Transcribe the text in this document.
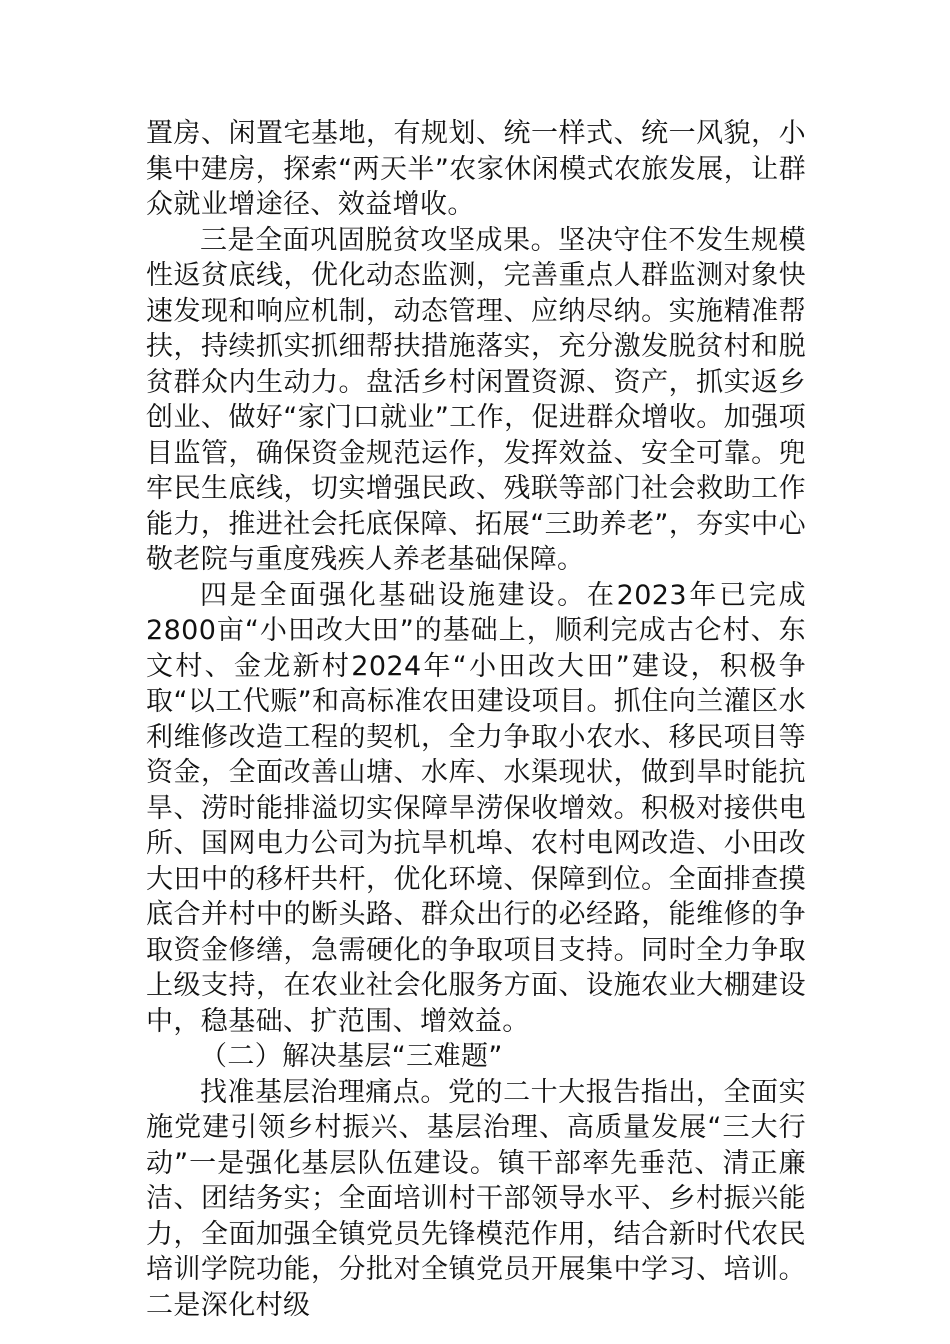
置房、闲置宅基地，有规划、统一样式、统一风貌，小集中建房，探索“两天半”农家休闲模式农旅发展，让群众就业增途径、效益增收。

三是全面巩固脱贫攻坚成果。坚决守住不发生规模性返贫底线，优化动态监测，完善重点人群监测对象快速发现和响应机制，动态管理、应纳尽纳。实施精准帮扶，持续抓实抓细帮扶措施落实，充分激发脱贫村和脱贫群众内生动力。盘活乡村闲置资源、资产，抓实返乡创业、做好“家门口就业”工作，促进群众增收。加强项目监管，确保资金规范运作，发挥效益、安全可靠。兜牢民生底线，切实增强民政、残联等部门社会救助工作能力，推进社会托底保障、拓展“三助养老”，夯实中心敬老院与重度残疾人养老基础保障。

四是全面强化基础设施建设。在2023年已完成2800亩“小田改大田”的基础上，顺利完成古仑村、东文村、金龙新村2024年“小田改大田”建设，积极争取“以工代赈”和高标准农田建设项目。抓住向兰灌区水利维修改造工程的契机，全力争取小农水、移民项目等资金，全面改善山塘、水库、水渠现状，做到旱时能抗旱、涝时能排溢切实保障旱涝保收增效。积极对接供电所、国网电力公司为抗旱机埠、农村电网改造、小田改大田中的移杆共杆，优化环境、保障到位。全面排查摸底合并村中的断头路、群众出行的必经路，能维修的争取资金修缮，急需硬化的争取项目支持。同时全力争取上级支持，在农业社会化服务方面、设施农业大棚建设中，稳基础、扩范围、增效益。

（二）解决基层“三难题”

找准基层治理痛点。党的二十大报告指出，全面实施党建引领乡村振兴、基层治理、高质量发展“三大行动”一是强化基层队伍建设。镇干部率先垂范、清正廉洁、团结务实；全面培训村干部领导水平、乡村振兴能力，全面加强全镇党员先锋模范作用，结合新时代农民培训学院功能，分批对全镇党员开展集中学习、培训。二是深化村级
